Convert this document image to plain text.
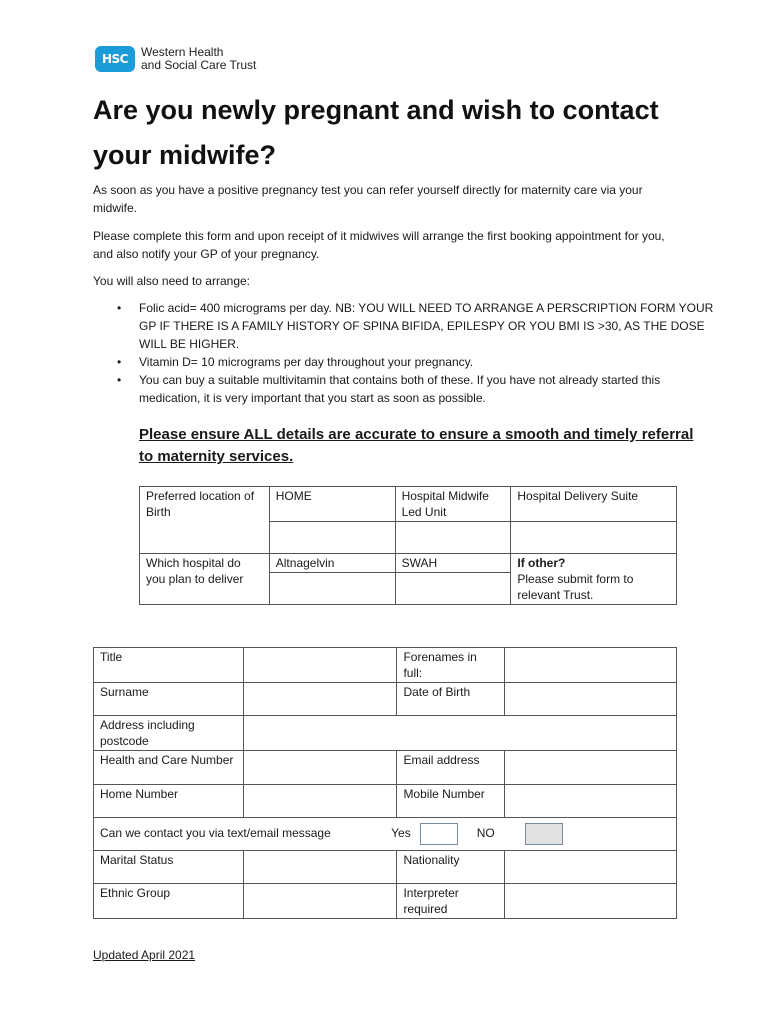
HSC	Western Health
and Social Care Trust
Are you newly pregnant and wish to contact your midwife?

As soon as you have a positive pregnancy test you can refer yourself directly for maternity care via your midwife.

Please complete this form and upon receipt of it midwives will arrange the first booking appointment for you, and also notify your GP of your pregnancy.

You will also need to arrange:

• Folic acid= 400 micrograms per day. NB: YOU WILL NEED TO ARRANGE A PERSCRIPTION FORM YOUR GP IF THERE IS A FAMILY HISTORY OF SPINA BIFIDA, EPILESPY OR YOU BMI IS >30, AS THE DOSE WILL BE HIGHER.
• Vitamin D= 10 micrograms per day throughout your pregnancy.
• You can buy a suitable multivitamin that contains both of these. If you have not already started this medication, it is very important that you start as soon as possible.

Please ensure ALL details are accurate to ensure a smooth and timely referral to maternity services.

Preferred location of Birth	HOME	Hospital Midwife Led Unit	Hospital Delivery Suite

Which hospital do you plan to deliver	Altnagelvin	SWAH	If other?
Please submit form to relevant Trust.

Title		Forenames in full:	
Surname		Date of Birth	
Address including postcode			
Health and Care Number		Email address	
Home Number		Mobile Number	
Can we contact you via text/email message Yes NO			
Marital Status		Nationality	
Ethnic Group		Interpreter required	

Updated April 2021
